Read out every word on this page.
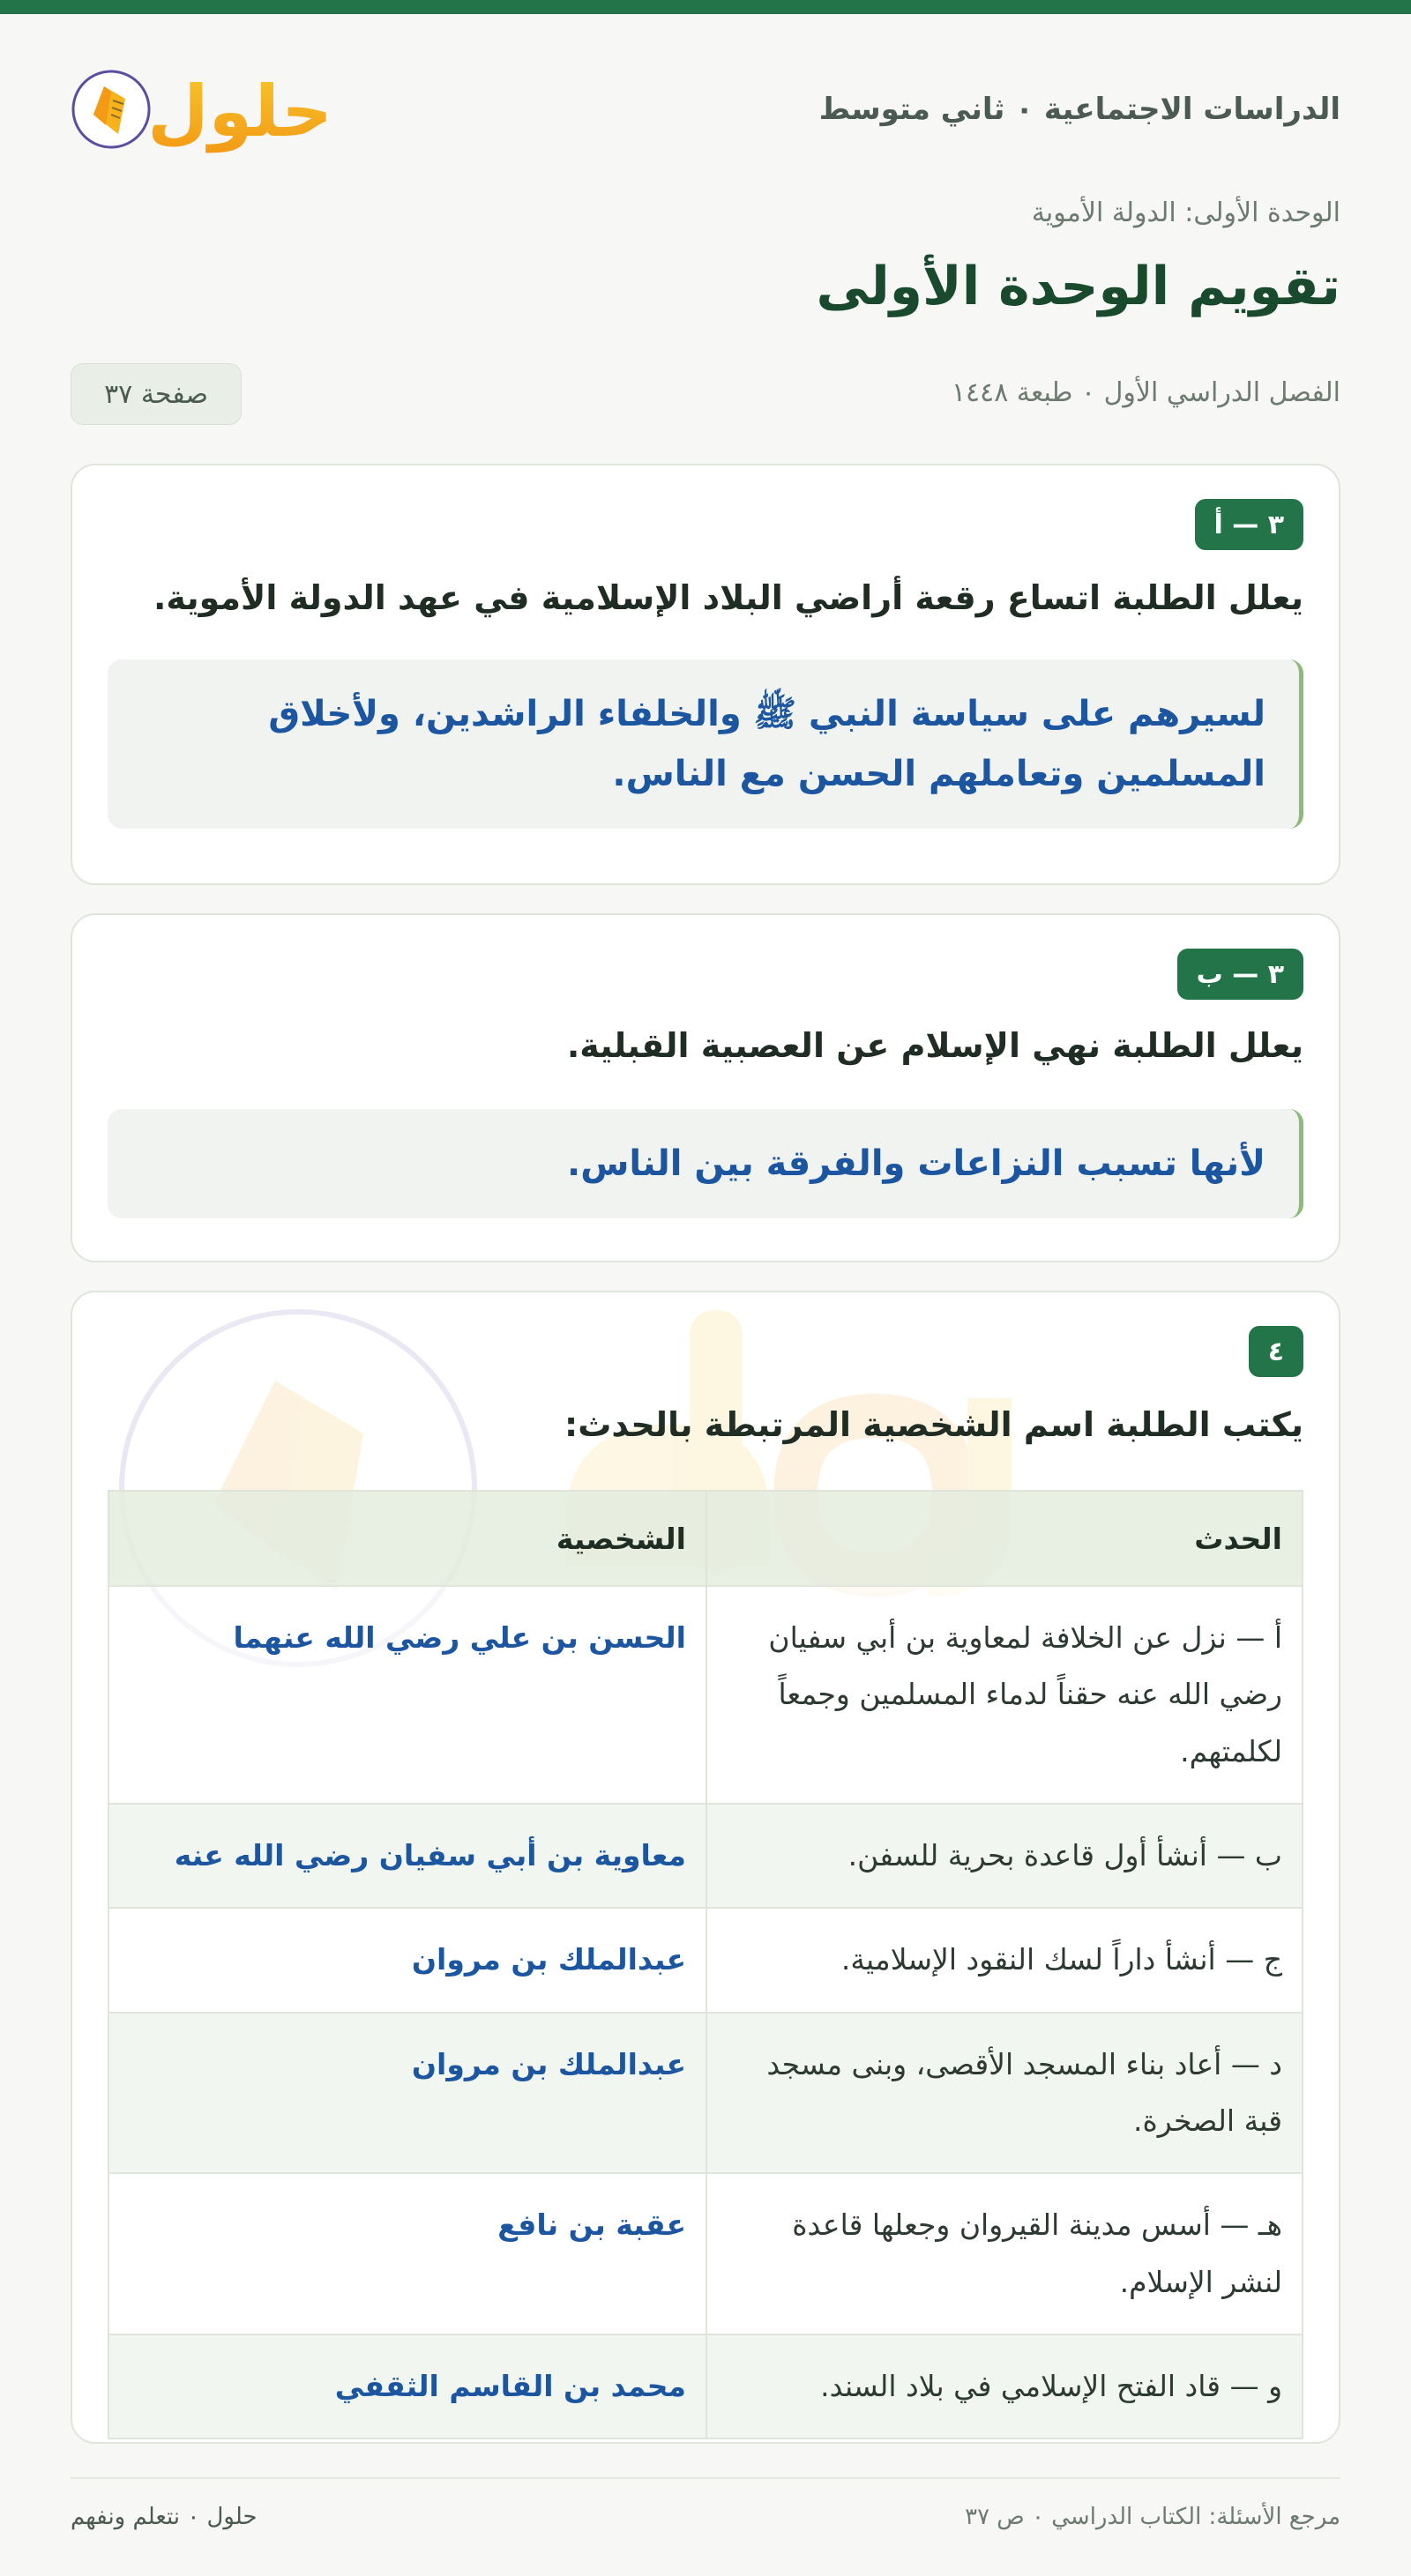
الدراسات الاجتماعية ٠ ثاني متوسط
حلول
الوحدة الأولى: الدولة الأموية
تقويم الوحدة الأولى
الفصل الدراسي الأول ٠ طبعة ١٤٤٨
صفحة ٣٧
٣ — أ
يعلل الطلبة اتساع رقعة أراضي البلاد الإسلامية في عهد الدولة الأموية.
لسيرهم على سياسة النبي ﷺ والخلفاء الراشدين، ولأخلاق المسلمين وتعاملهم الحسن مع الناس.
٣ — ب
يعلل الطلبة نهي الإسلام عن العصبية القبلية.
لأنها تسبب النزاعات والفرقة بين الناس.
٤
يكتب الطلبة اسم الشخصية المرتبطة بالحدث:
الحدث	الشخصية
أ — نزل عن الخلافة لمعاوية بن أبي سفيان رضي الله عنه حقناً لدماء المسلمين وجمعاً لكلمتهم.	الحسن بن علي رضي الله عنهما
ب — أنشأ أول قاعدة بحرية للسفن.	معاوية بن أبي سفيان رضي الله عنه
ج — أنشأ داراً لسك النقود الإسلامية.	عبدالملك بن مروان
د — أعاد بناء المسجد الأقصى، وبنى مسجد قبة الصخرة.	عبدالملك بن مروان
هـ — أسس مدينة القيروان وجعلها قاعدة لنشر الإسلام.	عقبة بن نافع
و — قاد الفتح الإسلامي في بلاد السند.	محمد بن القاسم الثقفي
مرجع الأسئلة: الكتاب الدراسي ٠ ص ٣٧
حلول ٠ نتعلم ونفهم
